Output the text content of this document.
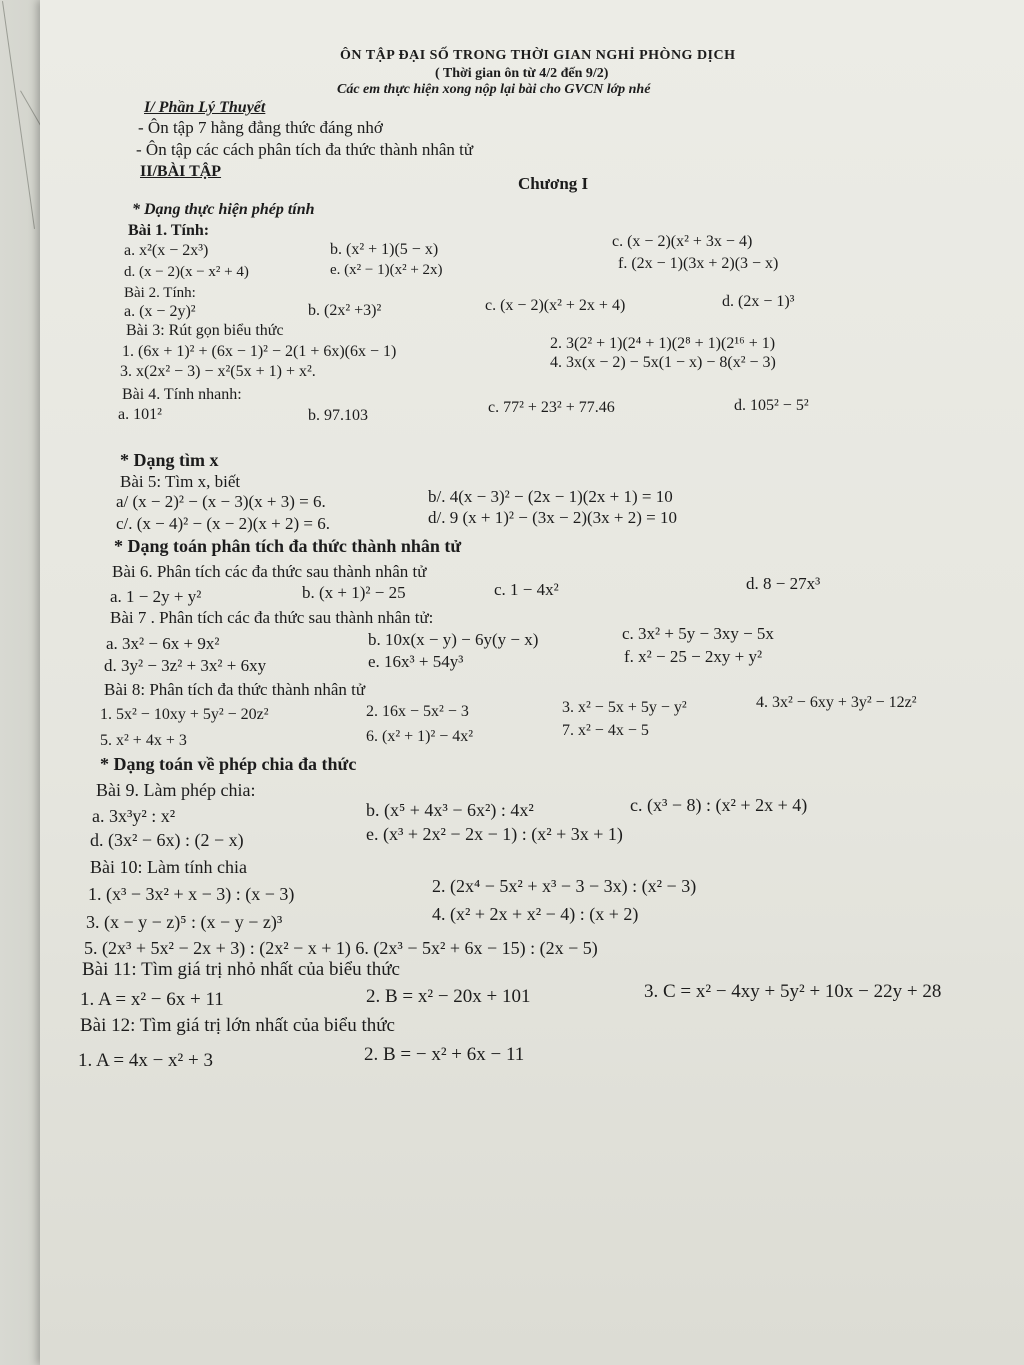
ÔN TẬP ĐẠI SỐ TRONG THỜI GIAN NGHỈ PHÒNG DỊCH
( Thời gian ôn từ 4/2 đến 9/2)
Các em thực hiện xong nộp lại bài cho GVCN lớp nhé
I/ Phần Lý Thuyết
- Ôn tập 7 hằng đẳng thức đáng nhớ
- Ôn tập các cách phân tích đa thức thành nhân tử
II/BÀI TẬP
Chương I
* Dạng thực hiện phép tính
Bài 1. Tính:
a. x²(x − 2x³)	b. (x² + 1)(5 − x)	c. (x − 2)(x² + 3x − 4)
d. (x − 2)(x − x² + 4)	e. (x² − 1)(x² + 2x)	f. (2x − 1)(3x + 2)(3 − x)
Bài 2. Tính:
a. (x − 2y)²	b. (2x² +3)²	c. (x − 2)(x² + 2x + 4)	d. (2x − 1)³
Bài 3: Rút gọn biểu thức
1. (6x + 1)² + (6x − 1)² − 2(1 + 6x)(6x − 1)	2. 3(2² + 1)(2⁴ + 1)(2⁸ + 1)(2¹⁶ + 1)
3. x(2x² − 3) − x²(5x + 1) + x².
4. 3x(x − 2) − 5x(1 − x) − 8(x² − 3)
Bài 4. Tính nhanh:
a. 101²	b. 97.103	c. 77² + 23² + 77.46	d. 105² − 5²
* Dạng tìm x
Bài 5: Tìm x, biết
a/ (x − 2)² − (x − 3)(x + 3) = 6.	b/. 4(x − 3)² − (2x − 1)(2x + 1) = 10
c/. (x − 4)² − (x − 2)(x + 2) = 6.	d/. 9 (x + 1)² − (3x − 2)(3x + 2) = 10
* Dạng toán phân tích đa thức thành nhân tử
Bài 6. Phân tích các đa thức sau thành nhân tử
a. 1 − 2y + y²	b. (x + 1)² − 25	c. 1 − 4x²	d. 8 − 27x³
Bài 7 . Phân tích các đa thức sau thành nhân tử:
a. 3x² − 6x + 9x²	b. 10x(x − y) − 6y(y − x)	c. 3x² + 5y − 3xy − 5x
d. 3y² − 3z² + 3x² + 6xy	e. 16x³ + 54y³	f. x² − 25 − 2xy + y²
Bài 8: Phân tích đa thức thành nhân tử
1. 5x² − 10xy + 5y² − 20z²	2. 16x − 5x² − 3	3. x² − 5x + 5y − y²	4. 3x² − 6xy + 3y² − 12z²
5. x² + 4x + 3	6. (x² + 1)² − 4x²	7. x² − 4x − 5
* Dạng toán về phép chia đa thức
Bài 9. Làm phép chia:
a. 3x³y² : x²	b. (x⁵ + 4x³ − 6x²) : 4x²	c. (x³ − 8) : (x² + 2x + 4)
d. (3x² − 6x) : (2 − x)	e. (x³ + 2x² − 2x − 1) : (x² + 3x + 1)
Bài 10: Làm tính chia
1. (x³ − 3x² + x − 3) : (x − 3)	2. (2x⁴ − 5x² + x³ − 3 − 3x) : (x² − 3)
3. (x − y − z)⁵ : (x − y − z)³	4. (x² + 2x + x² − 4) : (x + 2)
5. (2x³ + 5x² − 2x + 3) : (2x² − x + 1) 6. (2x³ − 5x² + 6x − 15) : (2x − 5)
Bài 11: Tìm giá trị nhỏ nhất của biểu thức
1. A = x² − 6x + 11	2. B = x² − 20x + 101	3. C = x² − 4xy + 5y² + 10x − 22y + 28
Bài 12: Tìm giá trị lớn nhất của biểu thức
1. A = 4x − x² + 3	2. B = − x² + 6x − 11
